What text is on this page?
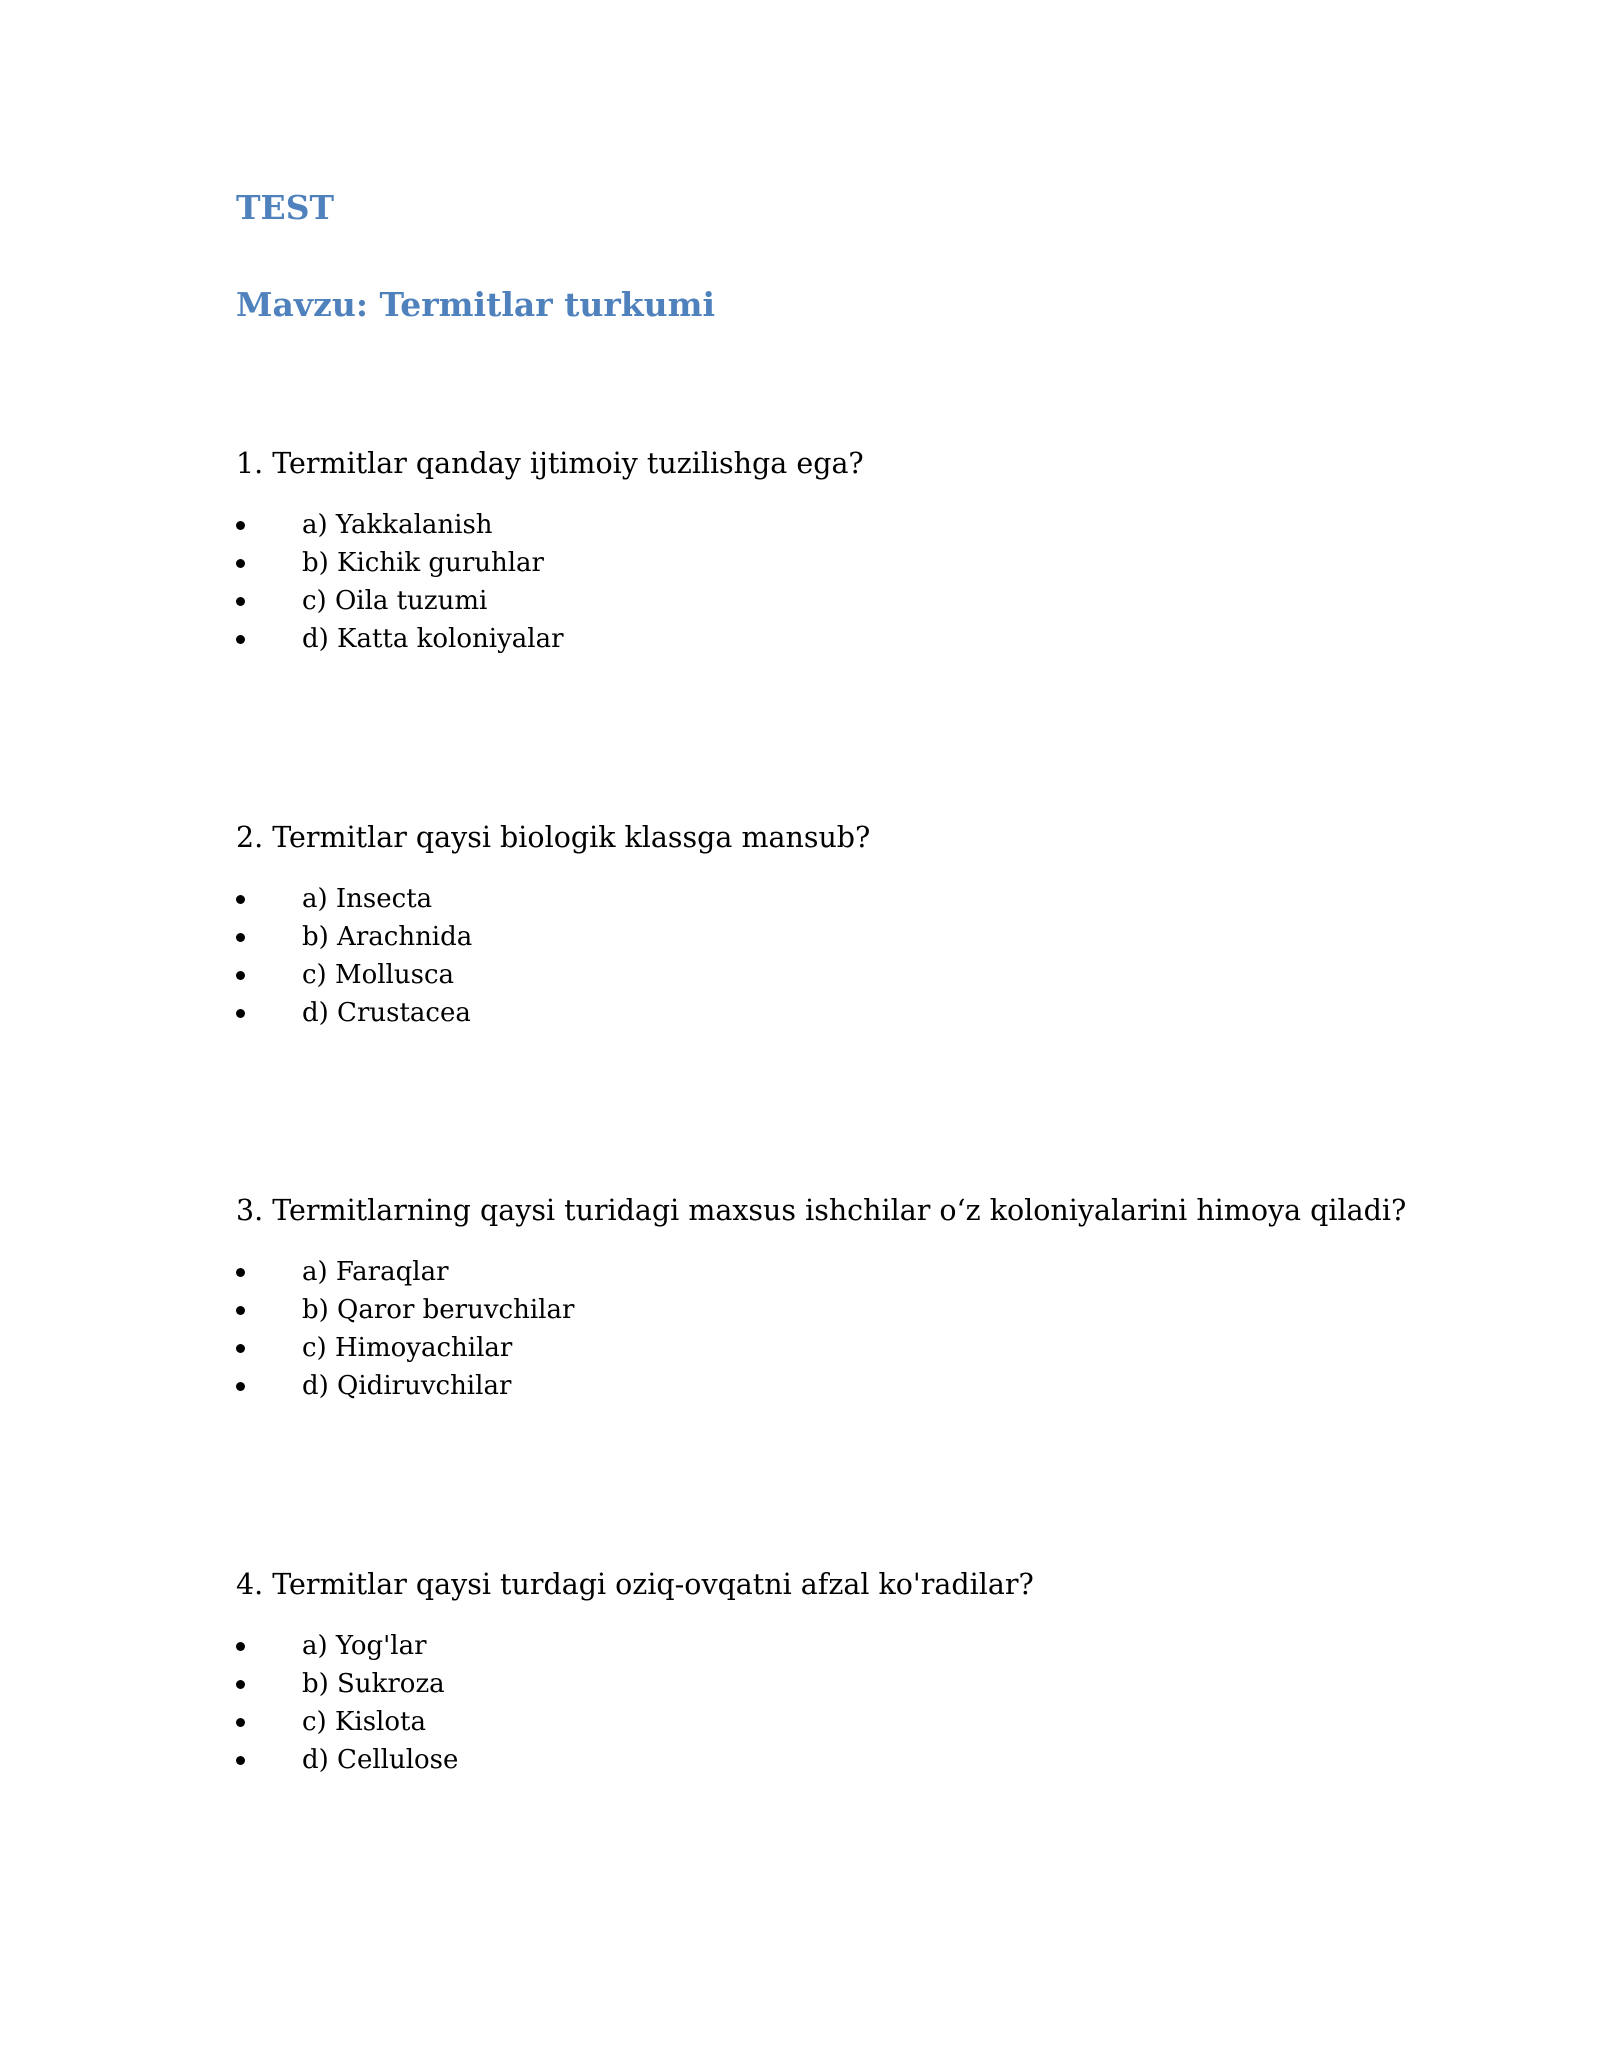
TEST
Mavzu: Termitlar turkumi

1. Termitlar qanday ijtimoiy tuzilishga ega?

a) Yakkalanish
b) Kichik guruhlar
c) Oila tuzumi
d) Katta koloniyalar

2. Termitlar qaysi biologik klassga mansub?

a) Insecta
b) Arachnida
c) Mollusca
d) Crustacea

3. Termitlarning qaysi turidagi maxsus ishchilar o‘z koloniyalarini himoya qiladi?

a) Faraqlar
b) Qaror beruvchilar
c) Himoyachilar
d) Qidiruvchilar

4. Termitlar qaysi turdagi oziq-ovqatni afzal ko'radilar?

a) Yog'lar
b) Sukroza
c) Kislota
d) Cellulose
